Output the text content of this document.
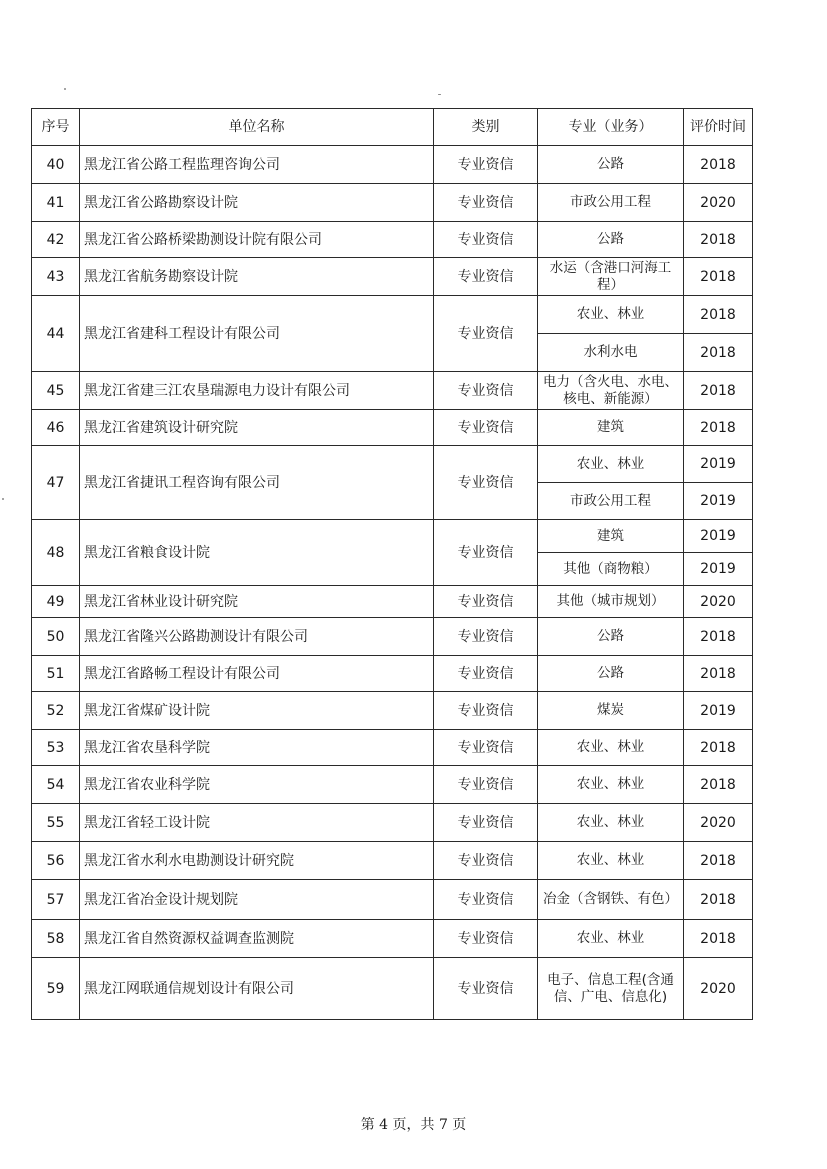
序号	单位名称	类别	专业（业务）	评价时间
40	黑龙江省公路工程监理咨询公司	专业资信	公路	2018
41	黑龙江省公路勘察设计院	专业资信	市政公用工程	2020
42	黑龙江省公路桥梁勘测设计院有限公司	专业资信	公路	2018
43	黑龙江省航务勘察设计院	专业资信	水运（含港口河海工程）	2018
44	黑龙江省建科工程设计有限公司	专业资信	农业、林业	2018
			水利水电	2018
45	黑龙江省建三江农垦瑞源电力设计有限公司	专业资信	电力（含火电、水电、核电、新能源）	2018
46	黑龙江省建筑设计研究院	专业资信	建筑	2018
47	黑龙江省捷讯工程咨询有限公司	专业资信	农业、林业	2019
			市政公用工程	2019
48	黑龙江省粮食设计院	专业资信	建筑	2019
			其他（商物粮）	2019
49	黑龙江省林业设计研究院	专业资信	其他（城市规划）	2020
50	黑龙江省隆兴公路勘测设计有限公司	专业资信	公路	2018
51	黑龙江省路畅工程设计有限公司	专业资信	公路	2018
52	黑龙江省煤矿设计院	专业资信	煤炭	2019
53	黑龙江省农垦科学院	专业资信	农业、林业	2018
54	黑龙江省农业科学院	专业资信	农业、林业	2018
55	黑龙江省轻工设计院	专业资信	农业、林业	2020
56	黑龙江省水利水电勘测设计研究院	专业资信	农业、林业	2018
57	黑龙江省冶金设计规划院	专业资信	冶金（含钢铁、有色）	2018
58	黑龙江省自然资源权益调查监测院	专业资信	农业、林业	2018
59	黑龙江网联通信规划设计有限公司	专业资信	电子、信息工程(含通信、广电、信息化)	2020
第 4 页，共 7 页
